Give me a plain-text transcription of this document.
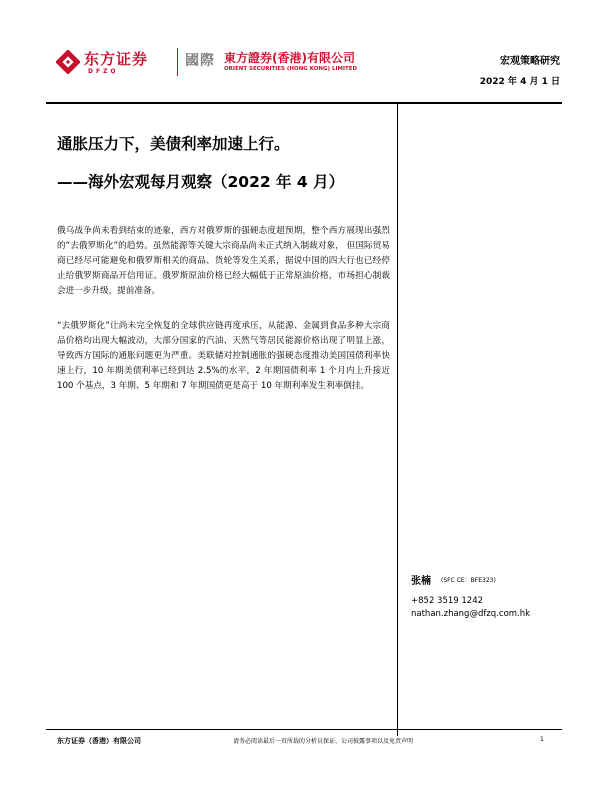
东方证券
DFZQ
國際 東方證券(香港)有限公司
ORIENT SECURITIES (HONG KONG) LIMITED
宏观策略研究
2022 年 4 月 1 日
通胀压力下，美债利率加速上行。
——海外宏观每月观察（2022 年 4 月）
俄乌战争尚未看到结束的迹象，西方对俄罗斯的强硬态度超预期，整个西方展现出强烈的“去俄罗斯化”的趋势。虽然能源等关键大宗商品尚未正式纳入制裁对象， 但国际贸易商已经尽可能避免和俄罗斯相关的商品、货轮等发生关系，据说中国的四大行也已经停止给俄罗斯商品开信用证。俄罗斯原油价格已经大幅低于正常原油价格，市场担心制裁会进一步升级，提前准备。
“去俄罗斯化”让尚未完全恢复的全球供应链再度承压，从能源、金属到食品多种大宗商品价格均出现大幅波动，大部分国家的汽油、天然气等居民能源价格出现了明显上涨，导致西方国际的通胀问题更为严重。美联储对控制通胀的强硬态度推动美国国债利率快速上行，10 年期美债利率已经到达 2.5%的水平，2 年期国债利率 1 个月内上升接近 100 个基点，3 年期、5 年期和 7 年期国债更是高于 10 年期利率发生利率倒挂。
张楠 (SFC CE：BFE323)
+852 3519 1242
nathan.zhang@dfzq.com.hk
东方证券（香港）有限公司	请务必阅读最后一页所载的分析员保证、公司披露事项以及免责声明	1
